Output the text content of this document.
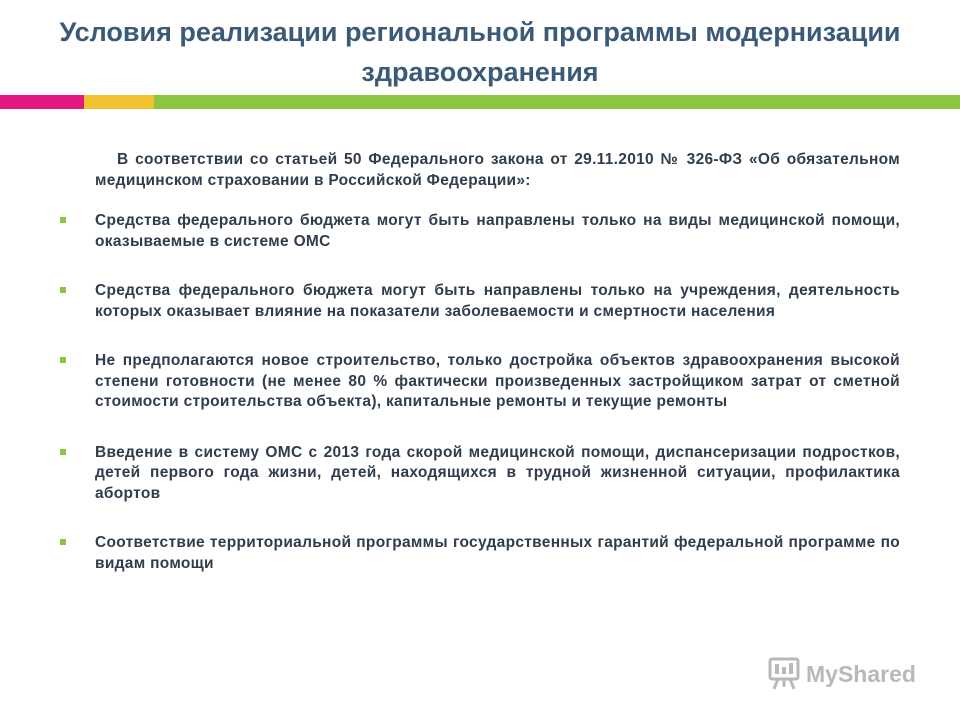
Условия реализации региональной программы модернизации здравоохранения

В соответствии со статьей 50 Федерального закона от 29.11.2010 № 326-ФЗ «Об обязательном медицинском страховании в Российской Федерации»:

Средства федерального бюджета могут быть направлены только на виды медицинской помощи, оказываемые в системе ОМС

Средства федерального бюджета могут быть направлены только на учреждения, деятельность которых оказывает влияние на показатели заболеваемости и смертности населения

Не предполагаются новое строительство, только достройка объектов здравоохранения высокой степени готовности (не менее 80 % фактически произведенных застройщиком затрат от сметной стоимости строительства объекта), капитальные ремонты и текущие ремонты

Введение в систему ОМС с 2013 года скорой медицинской помощи, диспансеризации подростков, детей первого года жизни, детей, находящихся в трудной жизненной ситуации, профилактика абортов

Соответствие территориальной программы государственных гарантий федеральной программе по видам помощи

MyShared
